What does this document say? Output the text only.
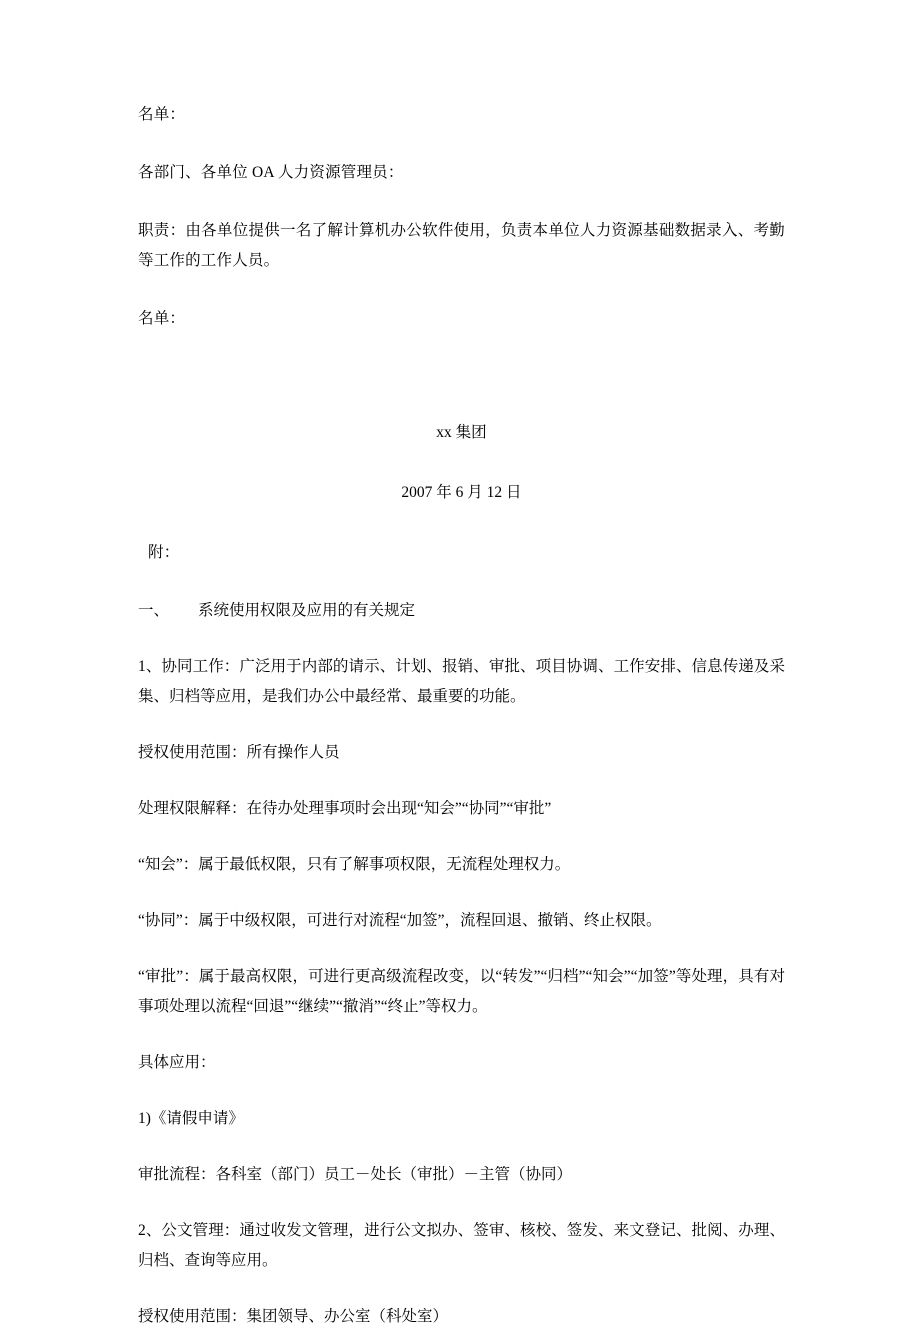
名单：

各部门、各单位 OA 人力资源管理员：

职责：由各单位提供一名了解计算机办公软件使用，负责本单位人力资源基础数据录入、考勤等工作的工作人员。

名单：

xx 集团

2007 年 6 月 12 日

附：

一、 系统使用权限及应用的有关规定

1、协同工作：广泛用于内部的请示、计划、报销、审批、项目协调、工作安排、信息传递及采集、归档等应用，是我们办公中最经常、最重要的功能。

授权使用范围：所有操作人员

处理权限解释：在待办处理事项时会出现“知会”“协同”“审批”

“知会”：属于最低权限，只有了解事项权限，无流程处理权力。

“协同”：属于中级权限，可进行对流程“加签”，流程回退、撤销、终止权限。

“审批”：属于最高权限，可进行更高级流程改变，以“转发”“归档”“知会”“加签”等处理，具有对事项处理以流程“回退”“继续”“撤消”“终止”等权力。

具体应用：

1)《请假申请》

审批流程：各科室（部门）员工－处长（审批）－主管（协同）

2、公文管理：通过收发文管理，进行公文拟办、签审、核校、签发、来文登记、批阅、办理、归档、查询等应用。

授权使用范围：集团领导、办公室（科处室）
